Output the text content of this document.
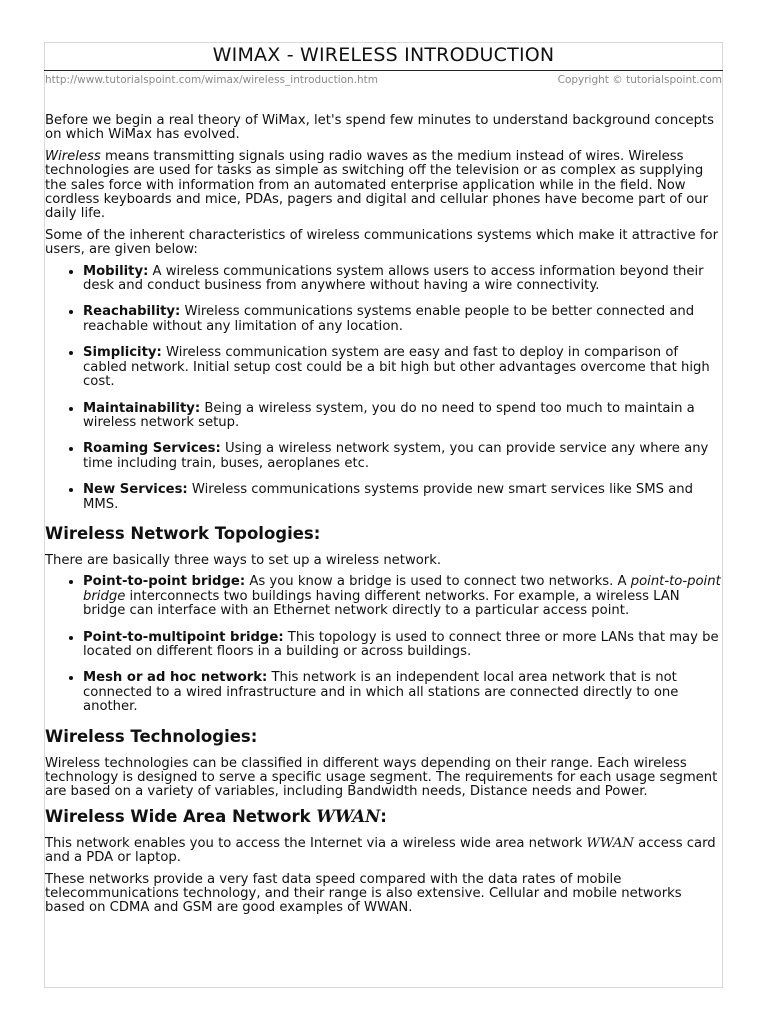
WIMAX - WIRELESS INTRODUCTION
http://www.tutorialspoint.com/wimax/wireless_introduction.htm	Copyright © tutorialspoint.com

Before we begin a real theory of WiMax, let's spend few minutes to understand background concepts on which WiMax has evolved.

Wireless means transmitting signals using radio waves as the medium instead of wires. Wireless technologies are used for tasks as simple as switching off the television or as complex as supplying the sales force with information from an automated enterprise application while in the field. Now cordless keyboards and mice, PDAs, pagers and digital and cellular phones have become part of our daily life.

Some of the inherent characteristics of wireless communications systems which make it attractive for users, are given below:

• Mobility: A wireless communications system allows users to access information beyond their desk and conduct business from anywhere without having a wire connectivity.
• Reachability: Wireless communications systems enable people to be better connected and reachable without any limitation of any location.
• Simplicity: Wireless communication system are easy and fast to deploy in comparison of cabled network. Initial setup cost could be a bit high but other advantages overcome that high cost.
• Maintainability: Being a wireless system, you do no need to spend too much to maintain a wireless network setup.
• Roaming Services: Using a wireless network system, you can provide service any where any time including train, buses, aeroplanes etc.
• New Services: Wireless communications systems provide new smart services like SMS and MMS.
Wireless Network Topologies:

There are basically three ways to set up a wireless network.

• Point-to-point bridge: As you know a bridge is used to connect two networks. A point-to-point bridge interconnects two buildings having different networks. For example, a wireless LAN bridge can interface with an Ethernet network directly to a particular access point.
• Point-to-multipoint bridge: This topology is used to connect three or more LANs that may be located on different floors in a building or across buildings.
• Mesh or ad hoc network: This network is an independent local area network that is not connected to a wired infrastructure and in which all stations are connected directly to one another.
Wireless Technologies:

Wireless technologies can be classified in different ways depending on their range. Each wireless technology is designed to serve a specific usage segment. The requirements for each usage segment are based on a variety of variables, including Bandwidth needs, Distance needs and Power.

Wireless Wide Area Network WWAN:

This network enables you to access the Internet via a wireless wide area network WWAN access card and a PDA or laptop.

These networks provide a very fast data speed compared with the data rates of mobile telecommunications technology, and their range is also extensive. Cellular and mobile networks based on CDMA and GSM are good examples of WWAN.
